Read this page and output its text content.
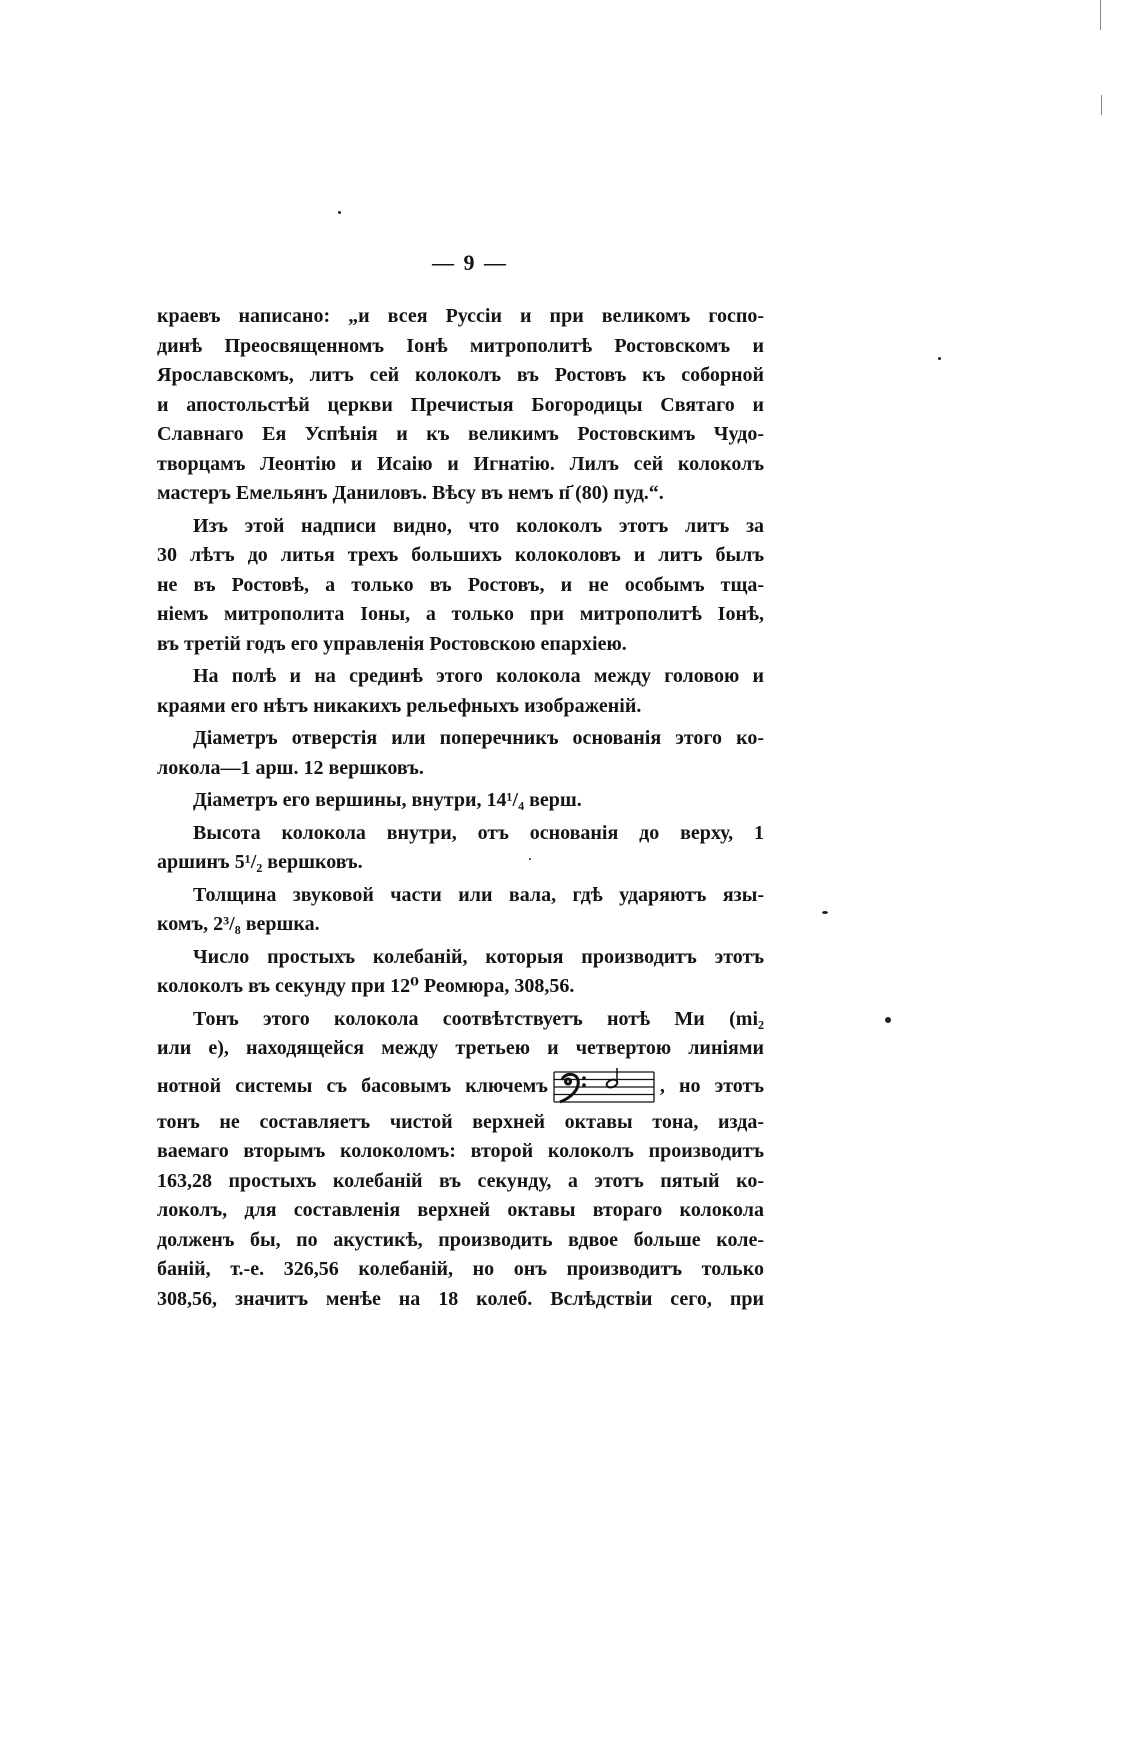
— 9 —
краевъ написано: „и всея Руссіи и при великомъ госпо-
динѣ Преосвященномъ Іонѣ митрополитѣ Ростовскомъ и
Ярославскомъ, литъ сей колоколъ въ Ростовъ къ соборной
и апостольстѣй церкви Пречистыя Богородицы Святаго и
Славнаго Ея Успѣнія и къ великимъ Ростовскимъ Чудо-
творцамъ Леонтію и Исаію и Игнатію. Лилъ сей колоколъ
мастеръ Емельянъ Даниловъ. Вѣсу въ немъ п҃ (80) пуд.“.
Изъ этой надписи видно, что колоколъ этотъ литъ за
30 лѣтъ до литья трехъ большихъ колоколовъ и литъ былъ
не въ Ростовѣ, а только въ Ростовъ, и не особымъ тща-
ніемъ митрополита Іоны, а только при митрополитѣ Іонѣ,
въ третій годъ его управленія Ростовскою епархіею.
На полѣ и на срединѣ этого колокола между головою и
краями его нѣтъ никакихъ рельефныхъ изображеній.
Діаметръ отверстія или поперечникъ основанія этого ко-
локола—1 арш. 12 вершковъ.
Діаметръ его вершины, внутри, 14¹/₄ верш.
Высота колокола внутри, отъ основанія до верху, 1
аршинъ 5¹/₂ вершковъ.
Толщина звуковой части или вала, гдѣ ударяютъ язы-
комъ, 2³/₈ вершка.
Число простыхъ колебаній, которыя производитъ этотъ
колоколъ въ секунду при 12⁰ Реомюра, 308,56.
Тонъ этого колокола соотвѣтствуетъ нотѣ Ми (mi₂
или e), находящейся между третьею и четвертою линіями
нотной системы съ басовымъ ключемъ	, но этотъ
тонъ не составляетъ чистой верхней октавы тона, изда-
ваемаго вторымъ колоколомъ: второй колоколъ производитъ
163,28 простыхъ колебаній въ секунду, а этотъ пятый ко-
локолъ, для составленія верхней октавы втораго колокола
долженъ бы, по акустикѣ, производить вдвое больше коле-
баній, т.-е. 326,56 колебаній, но онъ производитъ только
308,56, значитъ менѣе на 18 колеб. Вслѣдствіи сего, при
